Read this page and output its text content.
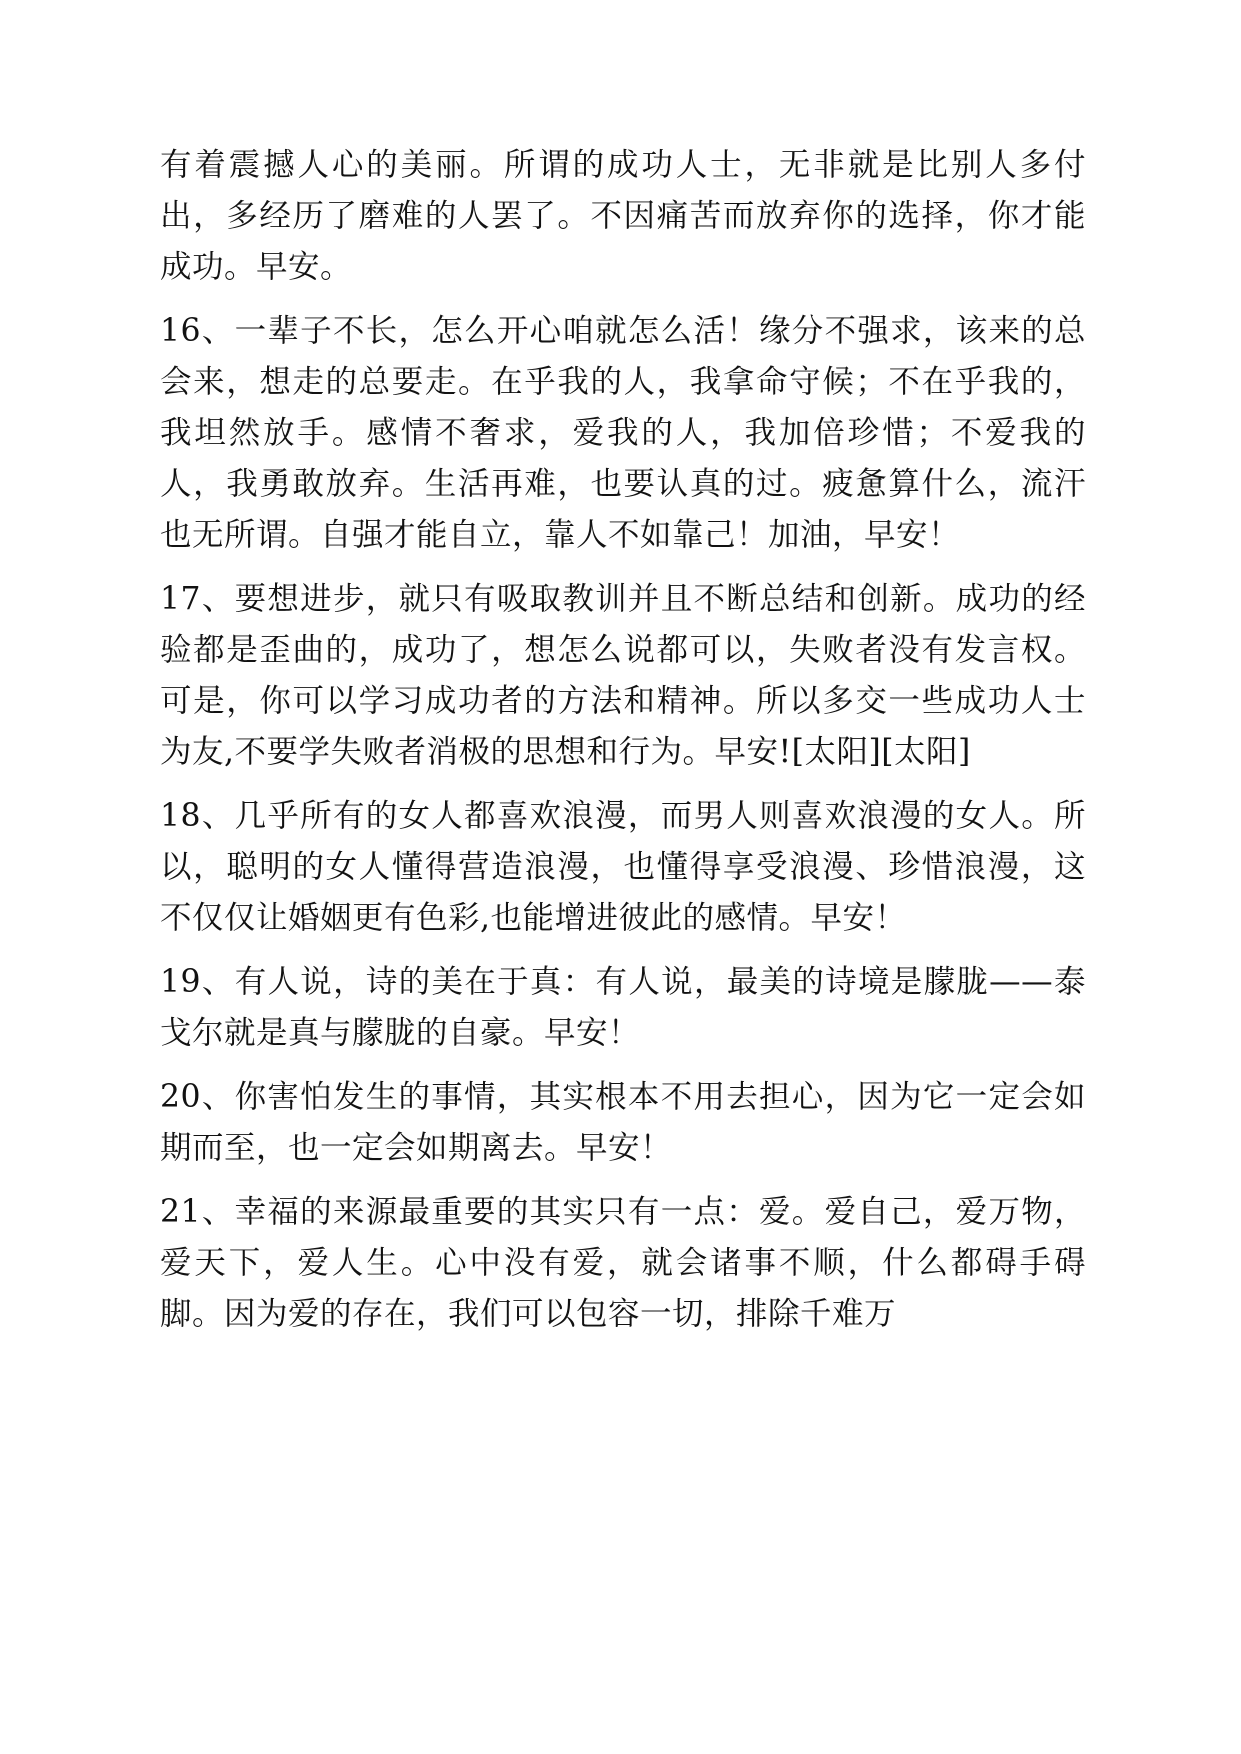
有着震撼人心的美丽。所谓的成功人士，无非就是比别人多付出，多经历了磨难的人罢了。不因痛苦而放弃你的选择，你才能成功。早安。

16、一辈子不长，怎么开心咱就怎么活！缘分不强求，该来的总会来，想走的总要走。在乎我的人，我拿命守候；不在乎我的，我坦然放手。感情不奢求，爱我的人，我加倍珍惜；不爱我的人，我勇敢放弃。生活再难，也要认真的过。疲惫算什么，流汗也无所谓。自强才能自立，靠人不如靠己！加油，早安！

17、要想进步，就只有吸取教训并且不断总结和创新。成功的经验都是歪曲的，成功了，想怎么说都可以，失败者没有发言权。可是，你可以学习成功者的方法和精神。所以多交一些成功人士为友,不要学失败者消极的思想和行为。早安![太阳][太阳]

18、几乎所有的女人都喜欢浪漫，而男人则喜欢浪漫的女人。所以，聪明的女人懂得营造浪漫，也懂得享受浪漫、珍惜浪漫，这不仅仅让婚姻更有色彩,也能增进彼此的感情。早安！

19、有人说，诗的美在于真：有人说，最美的诗境是朦胧——泰戈尔就是真与朦胧的自豪。早安！

20、你害怕发生的事情，其实根本不用去担心，因为它一定会如期而至，也一定会如期离去。早安！

21、幸福的来源最重要的其实只有一点：爱。爱自己，爱万物，爱天下，爱人生。心中没有爱，就会诸事不顺，什么都碍手碍脚。因为爱的存在，我们可以包容一切，排除千难万
